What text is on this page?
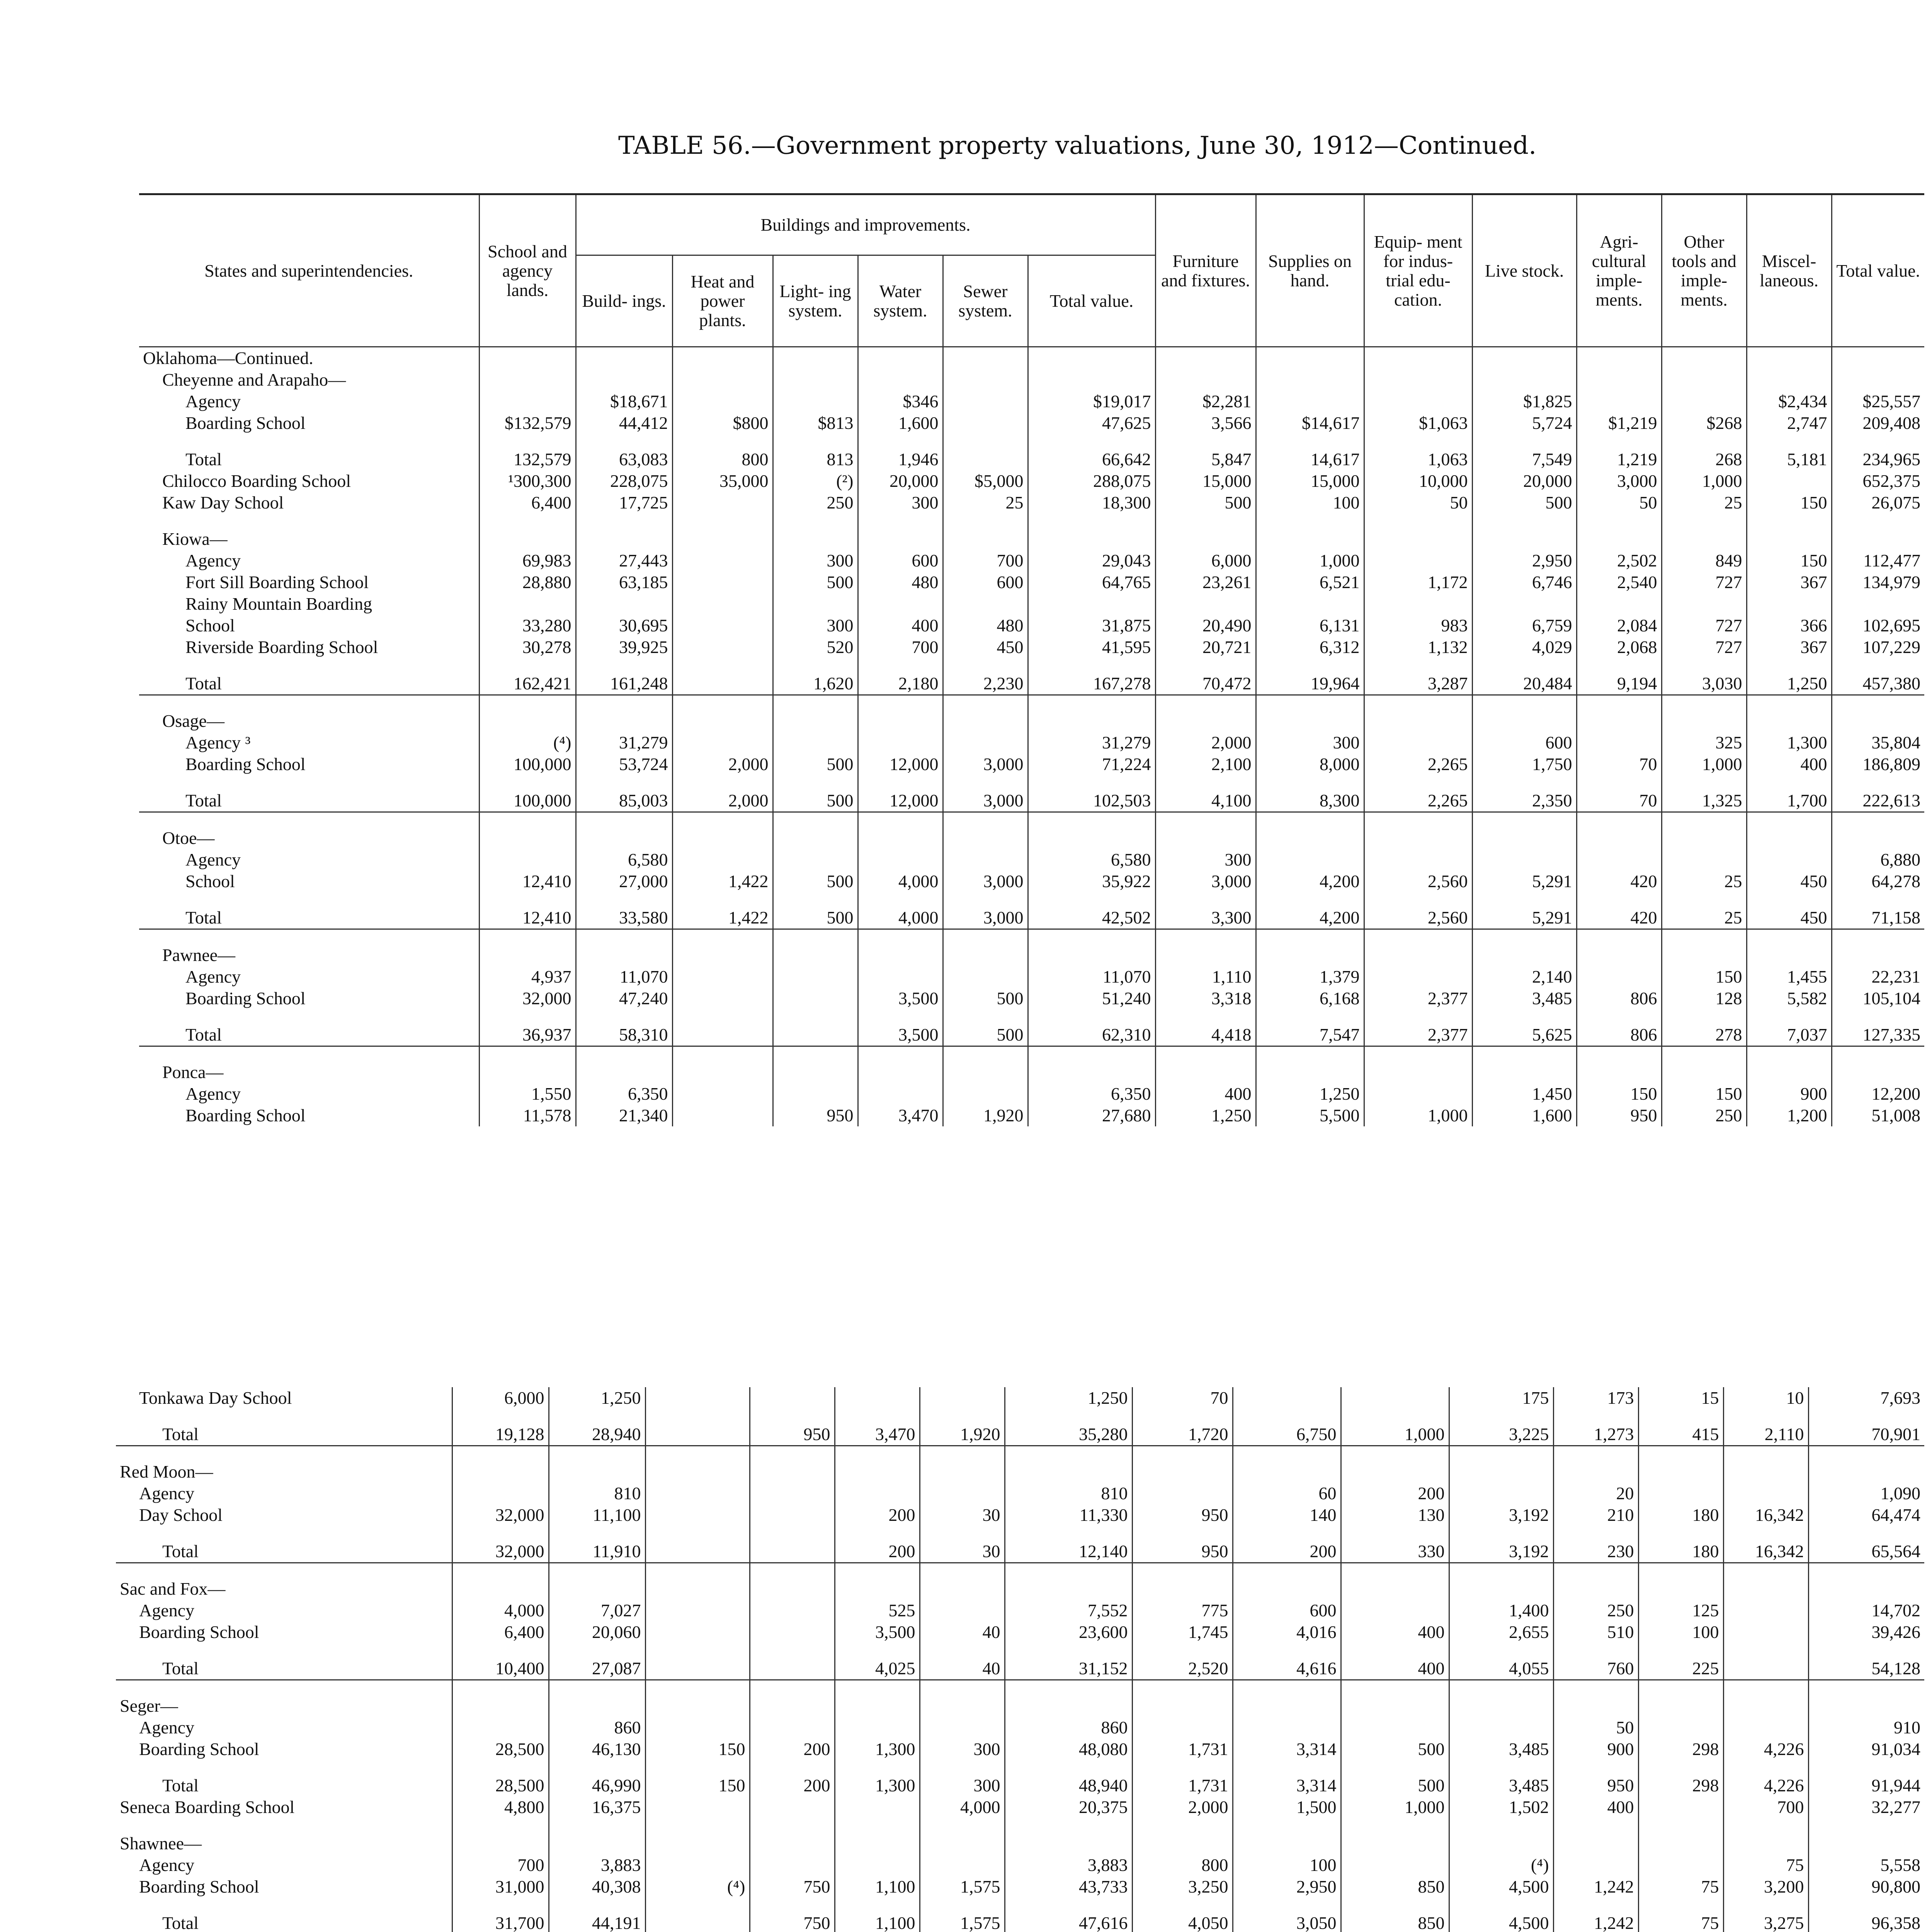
TABLE 56.—Government property valuations, June 30, 1912—Continued.
States and superintendencies.	School and agency lands.	Buildings and improvements.						Furniture and fixtures.	Supplies on hand.	Equip- ment for indus- trial edu- cation.	Live stock.	Agri- cultural imple- ments.	Other tools and imple- ments.	Miscel- laneous.	Total value.
		Build- ings.	Heat and power plants.	Light- ing system.	Water system.	Sewer system.	Total value.								
Oklahoma—Continued.															
Cheyenne and Arapaho—															
Agency		$18,671			$346		$19,017	$2,281			$1,825			$2,434	$25,557
Boarding School	$132,579	44,412	$800	$813	1,600		47,625	3,566	$14,617	$1,063	5,724	$1,219	$268	2,747	209,408

Total	132,579	63,083	800	813	1,946		66,642	5,847	14,617	1,063	7,549	1,219	268	5,181	234,965
Chilocco Boarding School	¹300,300	228,075	35,000	(²)	20,000	$5,000	288,075	15,000	15,000	10,000	20,000	3,000	1,000		652,375
Kaw Day School	6,400	17,725		250	300	25	18,300	500	100	50	500	50	25	150	26,075

Kiowa—															
Agency	69,983	27,443		300	600	700	29,043	6,000	1,000		2,950	2,502	849	150	112,477
Fort Sill Boarding School	28,880	63,185		500	480	600	64,765	23,261	6,521	1,172	6,746	2,540	727	367	134,979
Rainy Mountain Boarding															
School	33,280	30,695		300	400	480	31,875	20,490	6,131	983	6,759	2,084	727	366	102,695
Riverside Boarding School	30,278	39,925		520	700	450	41,595	20,721	6,312	1,132	4,029	2,068	727	367	107,229

Total	162,421	161,248		1,620	2,180	2,230	167,278	70,472	19,964	3,287	20,484	9,194	3,030	1,250	457,380

Osage—															
Agency ³	(⁴)	31,279					31,279	2,000	300		600		325	1,300	35,804
Boarding School	100,000	53,724	2,000	500	12,000	3,000	71,224	2,100	8,000	2,265	1,750	70	1,000	400	186,809

Total	100,000	85,003	2,000	500	12,000	3,000	102,503	4,100	8,300	2,265	2,350	70	1,325	1,700	222,613

Otoe—															
Agency		6,580					6,580	300							6,880
School	12,410	27,000	1,422	500	4,000	3,000	35,922	3,000	4,200	2,560	5,291	420	25	450	64,278

Total	12,410	33,580	1,422	500	4,000	3,000	42,502	3,300	4,200	2,560	5,291	420	25	450	71,158

Pawnee—															
Agency	4,937	11,070					11,070	1,110	1,379		2,140		150	1,455	22,231
Boarding School	32,000	47,240			3,500	500	51,240	3,318	6,168	2,377	3,485	806	128	5,582	105,104

Total	36,937	58,310			3,500	500	62,310	4,418	7,547	2,377	5,625	806	278	7,037	127,335

Ponca—															
Agency	1,550	6,350					6,350	400	1,250		1,450	150	150	900	12,200
Boarding School	11,578	21,340		950	3,470	1,920	27,680	1,250	5,500	1,000	1,600	950	250	1,200	51,008
Tonkawa Day School	6,000	1,250					1,250	70			175	173	15	10	7,693

Total	19,128	28,940		950	3,470	1,920	35,280	1,720	6,750	1,000	3,225	1,273	415	2,110	70,901

Red Moon—															
Agency		810					810		60	200		20			1,090
Day School	32,000	11,100			200	30	11,330	950	140	130	3,192	210	180	16,342	64,474

Total	32,000	11,910			200	30	12,140	950	200	330	3,192	230	180	16,342	65,564

Sac and Fox—															
Agency	4,000	7,027			525		7,552	775	600		1,400	250	125		14,702
Boarding School	6,400	20,060			3,500	40	23,600	1,745	4,016	400	2,655	510	100		39,426

Total	10,400	27,087			4,025	40	31,152	2,520	4,616	400	4,055	760	225		54,128

Seger—															
Agency		860					860					50			910
Boarding School	28,500	46,130	150	200	1,300	300	48,080	1,731	3,314	500	3,485	900	298	4,226	91,034

Total	28,500	46,990	150	200	1,300	300	48,940	1,731	3,314	500	3,485	950	298	4,226	91,944
Seneca Boarding School	4,800	16,375				4,000	20,375	2,000	1,500	1,000	1,502	400		700	32,277

Shawnee—															
Agency	700	3,883					3,883	800	100		(⁴)			75	5,558
Boarding School	31,000	40,308	(⁴)	750	1,100	1,575	43,733	3,250	2,950	850	4,500	1,242	75	3,200	90,800

Total	31,700	44,191		750	1,100	1,575	47,616	4,050	3,050	850	4,500	1,242	75	3,275	96,358
